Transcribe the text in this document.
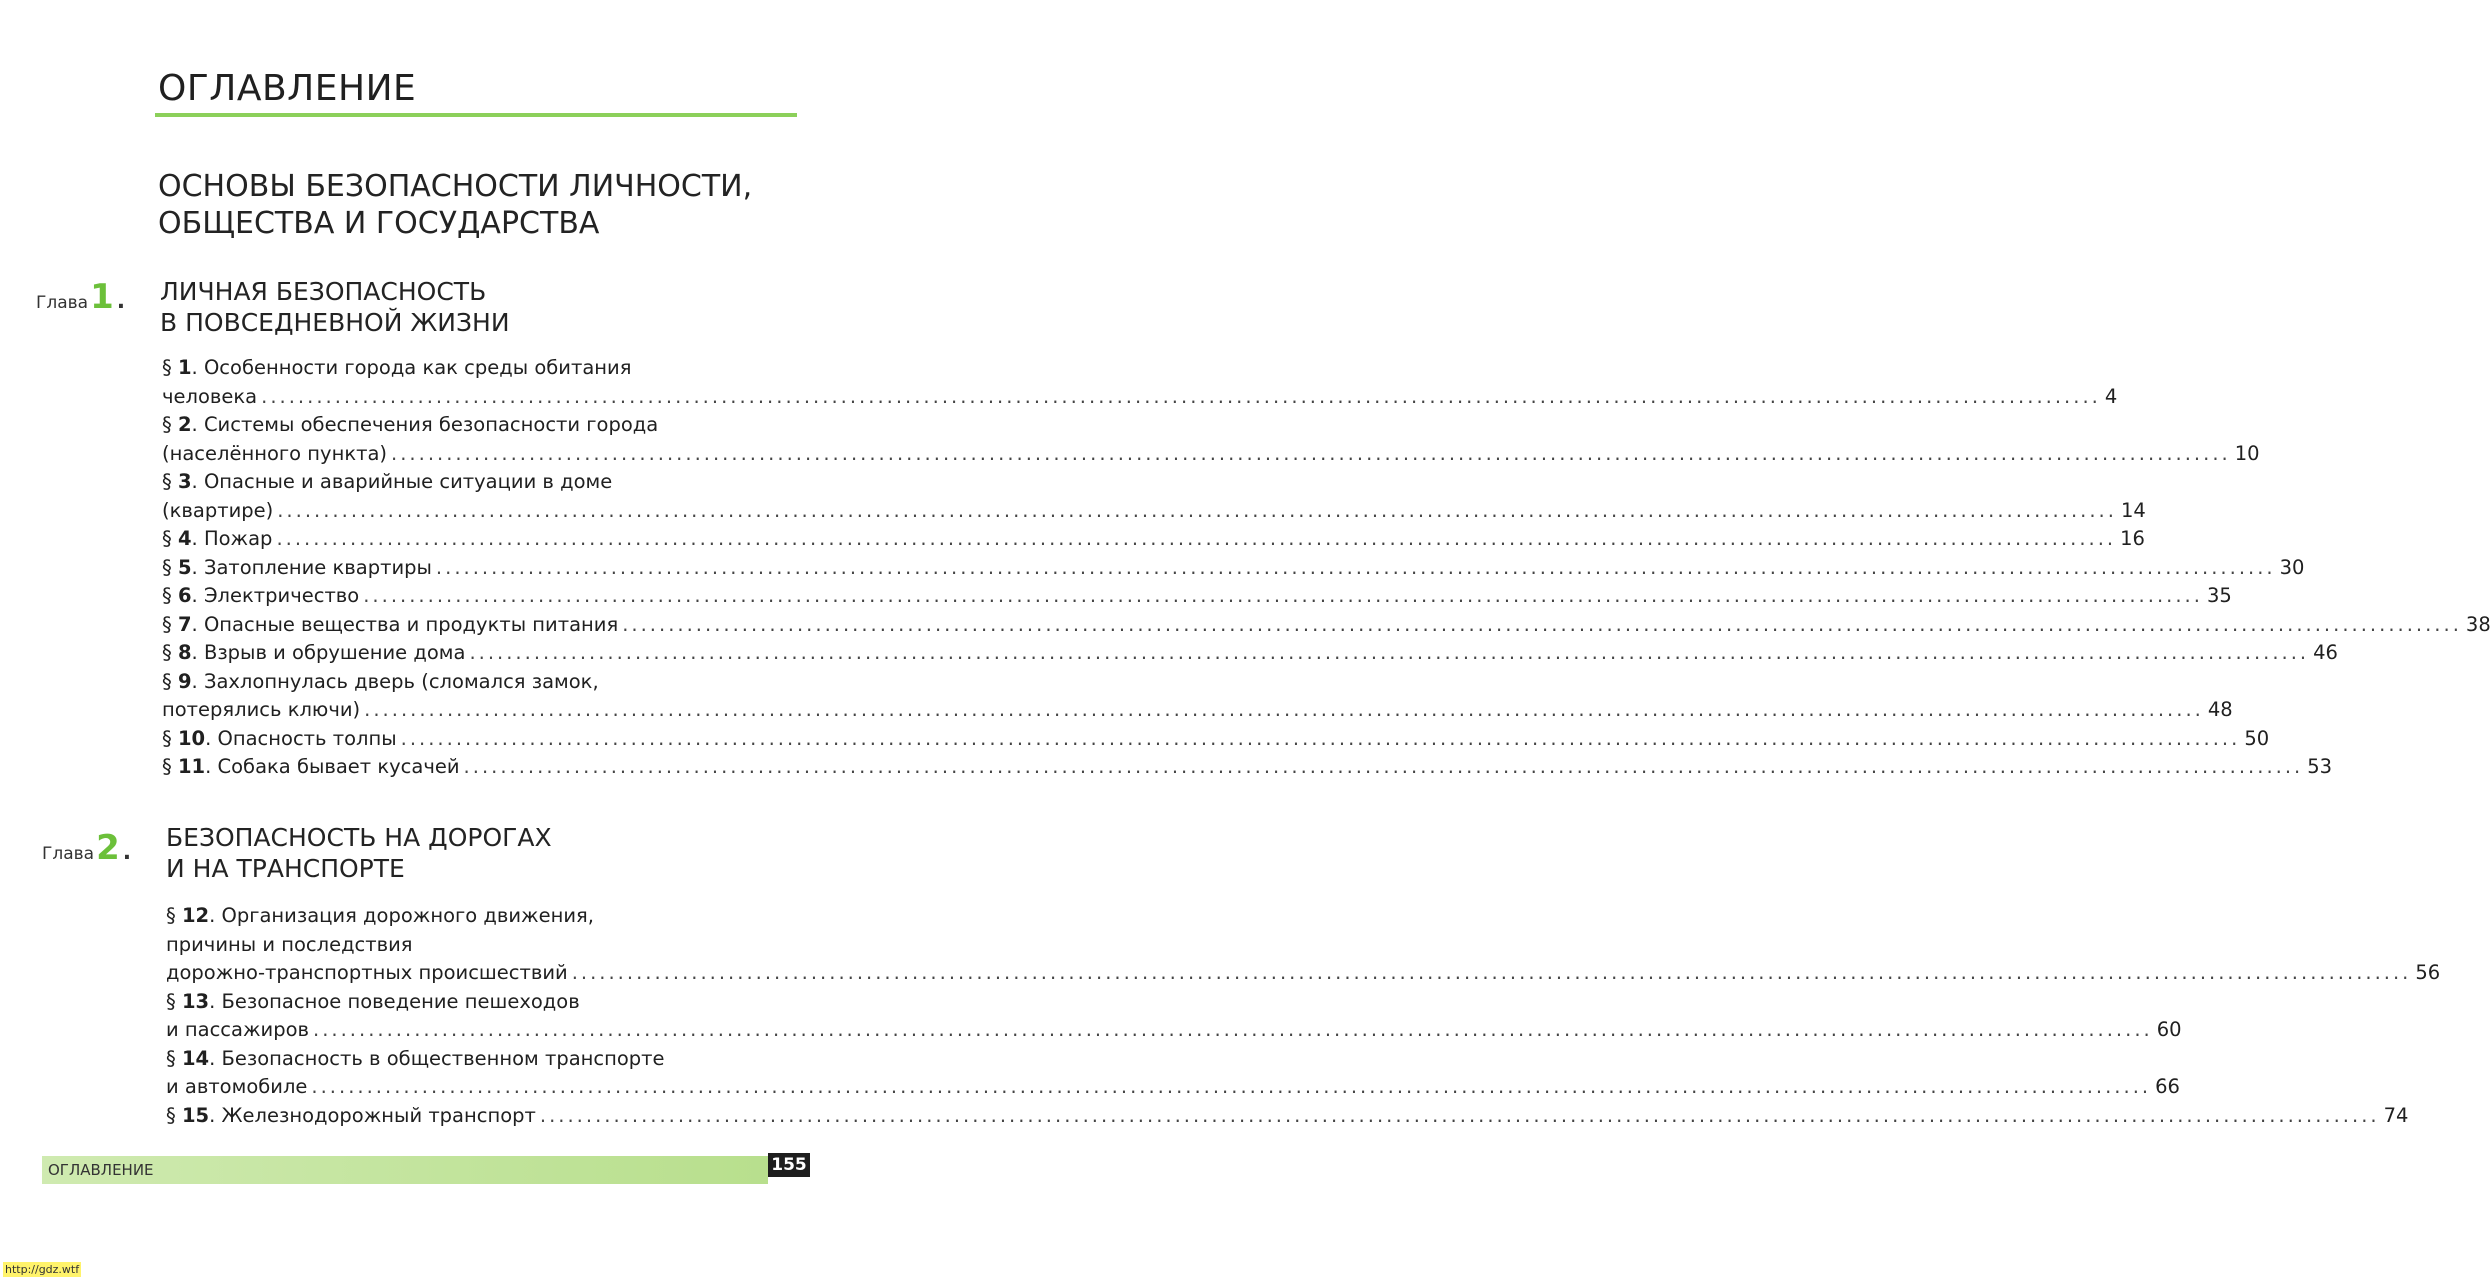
ОГЛАВЛЕНИЕ
ОСНОВЫ БЕЗОПАСНОСТИ ЛИЧНОСТИ,
ОБЩЕСТВА И ГОСУДАРСТВА
Глава1 . ЛИЧНАЯ БЕЗОПАСНОСТЬ
В ПОВСЕДНЕВНОЙ ЖИЗНИ
§ 1. Особенности города как среды обитания
человека ........................................................................................................................................................................................................ 4
§ 2. Системы обеспечения безопасности города
(населённого пункта) ........................................................................................................................................................................................................ 10
§ 3. Опасные и аварийные ситуации в доме
(квартире) ........................................................................................................................................................................................................ 14
§ 4. Пожар ........................................................................................................................................................................................................ 16
§ 5. Затопление квартиры ........................................................................................................................................................................................................ 30
§ 6. Электричество ........................................................................................................................................................................................................ 35
§ 7. Опасные вещества и продукты питания ........................................................................................................................................................................................................ 38
§ 8. Взрыв и обрушение дома ........................................................................................................................................................................................................ 46
§ 9. Захлопнулась дверь (сломался замок,
потерялись ключи) ........................................................................................................................................................................................................ 48
§ 10. Опасность толпы ........................................................................................................................................................................................................ 50
§ 11. Собака бывает кусачей ........................................................................................................................................................................................................ 53
Глава2 .
БЕЗОПАСНОСТЬ НА ДОРОГАХ
И НА ТРАНСПОРТЕ
§ 12. Организация дорожного движения,
причины и последствия
дорожно-транспортных происшествий ........................................................................................................................................................................................................ 56
§ 13. Безопасное поведение пешеходов
и пассажиров ........................................................................................................................................................................................................ 60
§ 14. Безопасность в общественном транспорте
и автомобиле ........................................................................................................................................................................................................ 66
§ 15. Железнодорожный транспорт ........................................................................................................................................................................................................ 74
ОГЛАВЛЕНИЕ	155
http://gdz.wtf
